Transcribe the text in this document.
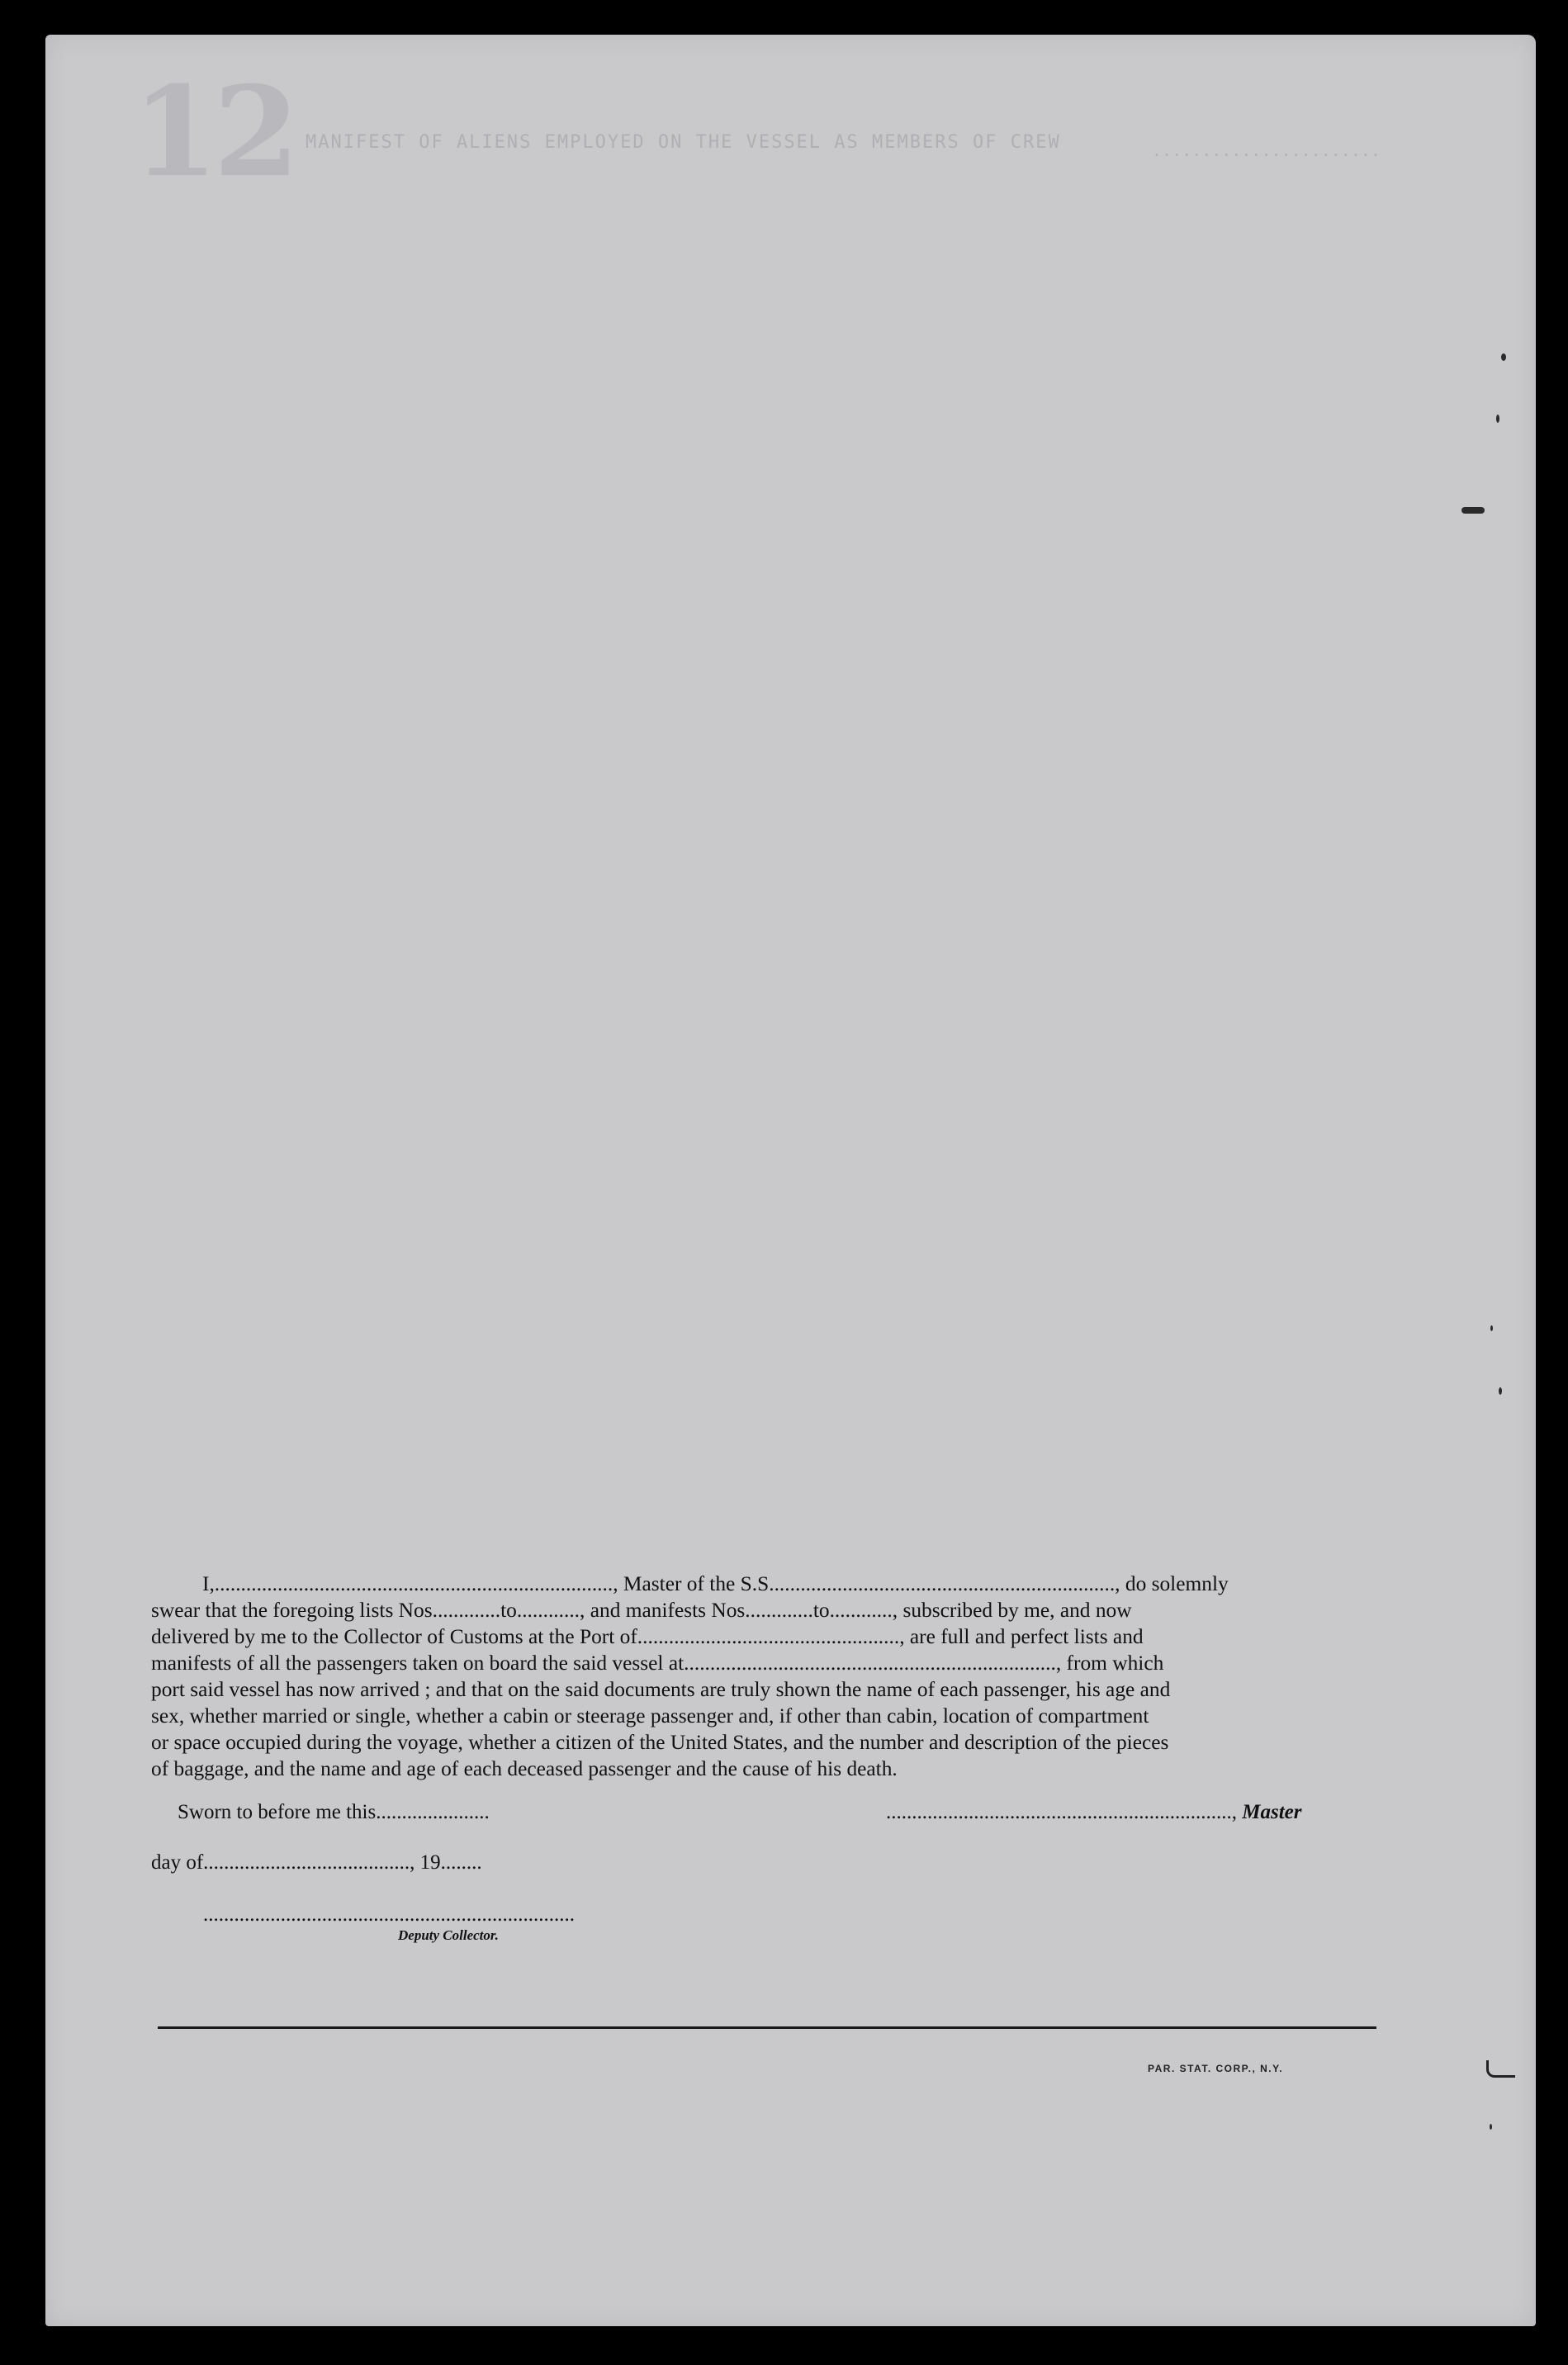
12 MANIFEST OF ALIENS EMPLOYED ON THE VESSEL AS MEMBERS OF CREW	.......................
I,............................................................................, Master of the S.S.................................................................., do solemnly
swear that the foregoing lists Nos.............to............, and manifests Nos.............to............, subscribed by me, and now
delivered by me to the Collector of Customs at the Port of.................................................., are full and perfect lists and
manifests of all the passengers taken on board the said vessel at......................................................................., from which
port said vessel has now arrived ; and that on the said documents are truly shown the name of each passenger, his age and
sex, whether married or single, whether a cabin or steerage passenger and, if other than cabin, location of compartment
or space occupied during the voyage, whether a citizen of the United States, and the number and description of the pieces
of baggage, and the name and age of each deceased passenger and the cause of his death.
Sworn to before me this......................	..................................................................., Master
day of........................................, 19........
........................................................................
Deputy Collector.
PAR. STAT. CORP., N.Y.
